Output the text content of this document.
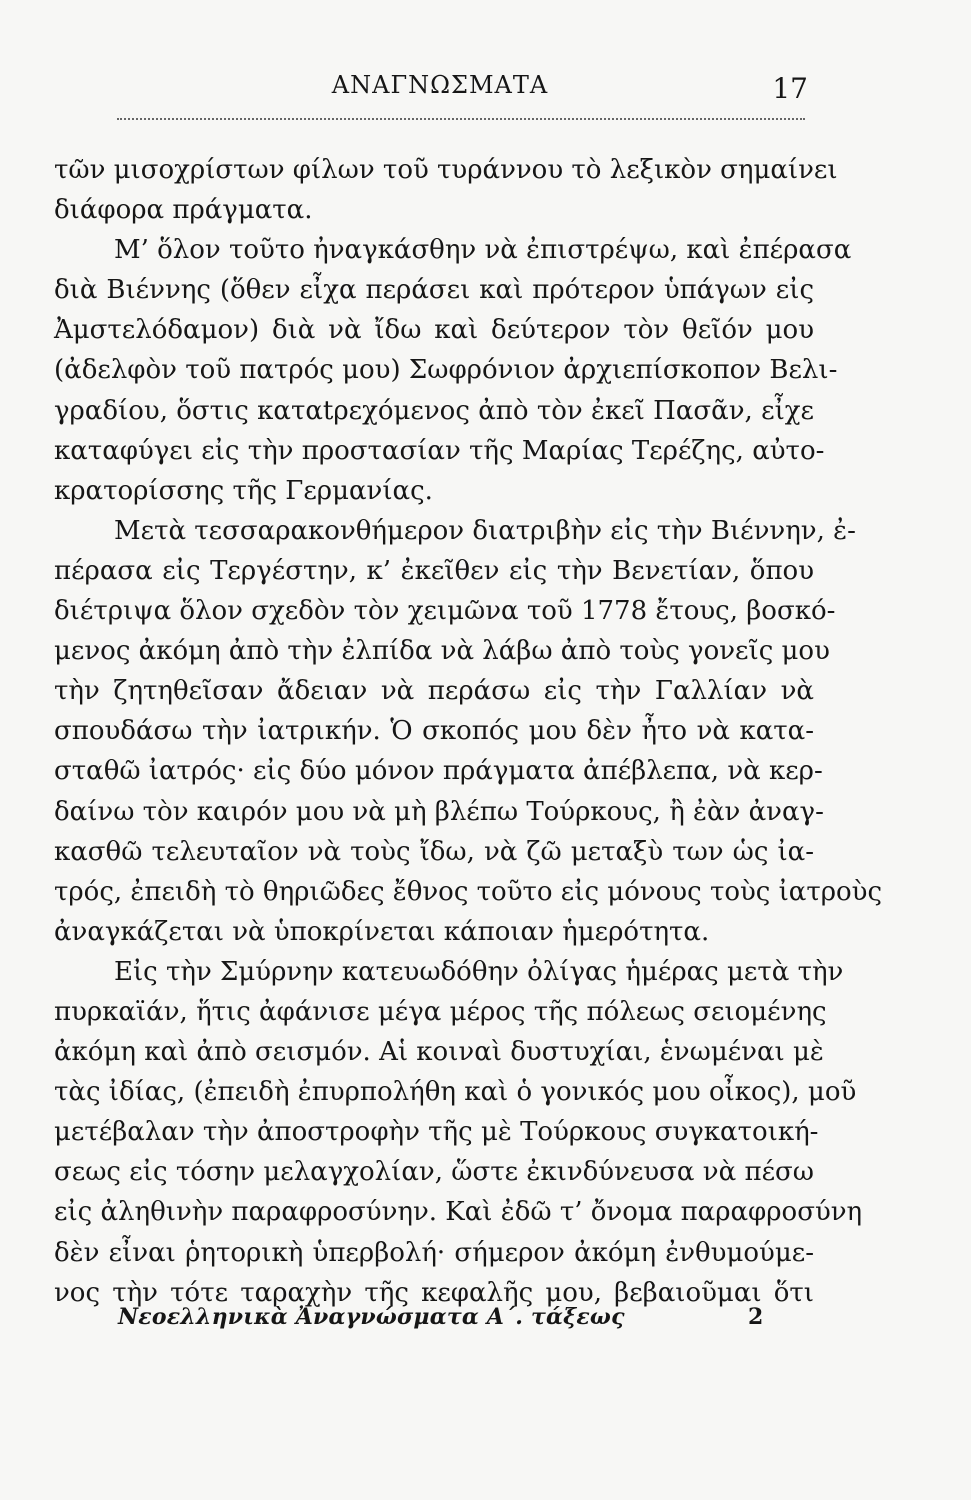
ΑΝΑΓΝΩΣΜΑΤΑ	17
τῶν μισοχρίστων φίλων τοῦ τυράννου τὸ λεξικὸν σημαίνει
διάφορα πράγματα.
Μ’ ὅλον τοῦτο ἠναγκάσθην νὰ ἐπιστρέψω, καὶ ἐπέρασα
διὰ Βιέννης (ὅθεν εἶχα περάσει καὶ πρότερον ὑπάγων εἰς
Ἀμστελόδαμον) διὰ νὰ ἴδω καὶ δεύτερον τὸν θεῖόν μου
(ἀδελφὸν τοῦ πατρός μου) Σωφρόνιον ἀρχιεπίσκοπον Βελι-
γραδίου, ὅστις καταtρεχόμενος ἀπὸ τὸν ἐκεῖ Πασᾶν, εἶχε
καταφύγει εἰς τὴν προστασίαν τῆς Μαρίας Τερέζης, αὐτο-
κρατορίσσης τῆς Γερμανίας.
Μετὰ τεσσαρακονθήμερον διατριβὴν εἰς τὴν Βιέννην, ἐ-
πέρασα εἰς Τεργέστην, κ’ ἐκεῖθεν εἰς τὴν Βενετίαν, ὅπου
διέτριψα ὅλον σχεδὸν τὸν χειμῶνα τοῦ 1778 ἔτους, βοσκό-
μενος ἀκόμη ἀπὸ τὴν ἐλπίδα νὰ λάβω ἀπὸ τοὺς γονεῖς μου
τὴν ζητηθεῖσαν ἄδειαν νὰ περάσω εἰς τὴν Γαλλίαν νὰ
σπουδάσω τὴν ἰατρικήν. Ὁ σκοπός μου δὲν ἦτο νὰ κατα-
σταθῶ ἰατρός· εἰς δύο μόνον πράγματα ἀπέβλεπα, νὰ κερ-
δαίνω τὸν καιρόν μου νὰ μὴ βλέπω Τούρκους, ἢ ἐὰν ἀναγ-
κασθῶ τελευταῖον νὰ τοὺς ἴδω, νὰ ζῶ μεταξὺ των ὡς ἰα-
τρός, ἐπειδὴ τὸ θηριῶδες ἔθνος τοῦτο εἰς μόνους τοὺς ἰατροὺς
ἀναγκάζεται νὰ ὑποκρίνεται κάποιαν ἡμερότητα.
Εἰς τὴν Σμύρνην κατευωδόθην ὀλίγας ἡμέρας μετὰ τὴν
πυρκαϊάν, ἥτις ἀφάνισε μέγα μέρος τῆς πόλεως σειομένης
ἀκόμη καὶ ἀπὸ σεισμόν. Αἱ κοιναὶ δυστυχίαι, ἑνωμέναι μὲ
τὰς ἰδίας, (ἐπειδὴ ἐπυρπολήθη καὶ ὁ γονικός μου οἶκος), μοῦ
μετέβαλαν τὴν ἀποστροφὴν τῆς μὲ Τούρκους συγκατοική-
σεως εἰς τόσην μελαγχολίαν, ὥστε ἐκινδύνευσα νὰ πέσω
εἰς ἀληθινὴν παραφροσύνην. Καὶ ἐδῶ τ’ ὄνομα παραφροσύνη
δὲν εἶναι ῥητορικὴ ὑπερβολή· σήμερον ἀκόμη ἐνθυμούμε-
νος τὴν τότε ταραχὴν τῆς κεφαλῆς μου, βεβαιοῦμαι ὅτι
Νεοελληνικὰ Ἀναγνώσματα Α΄. τάξεως	2
